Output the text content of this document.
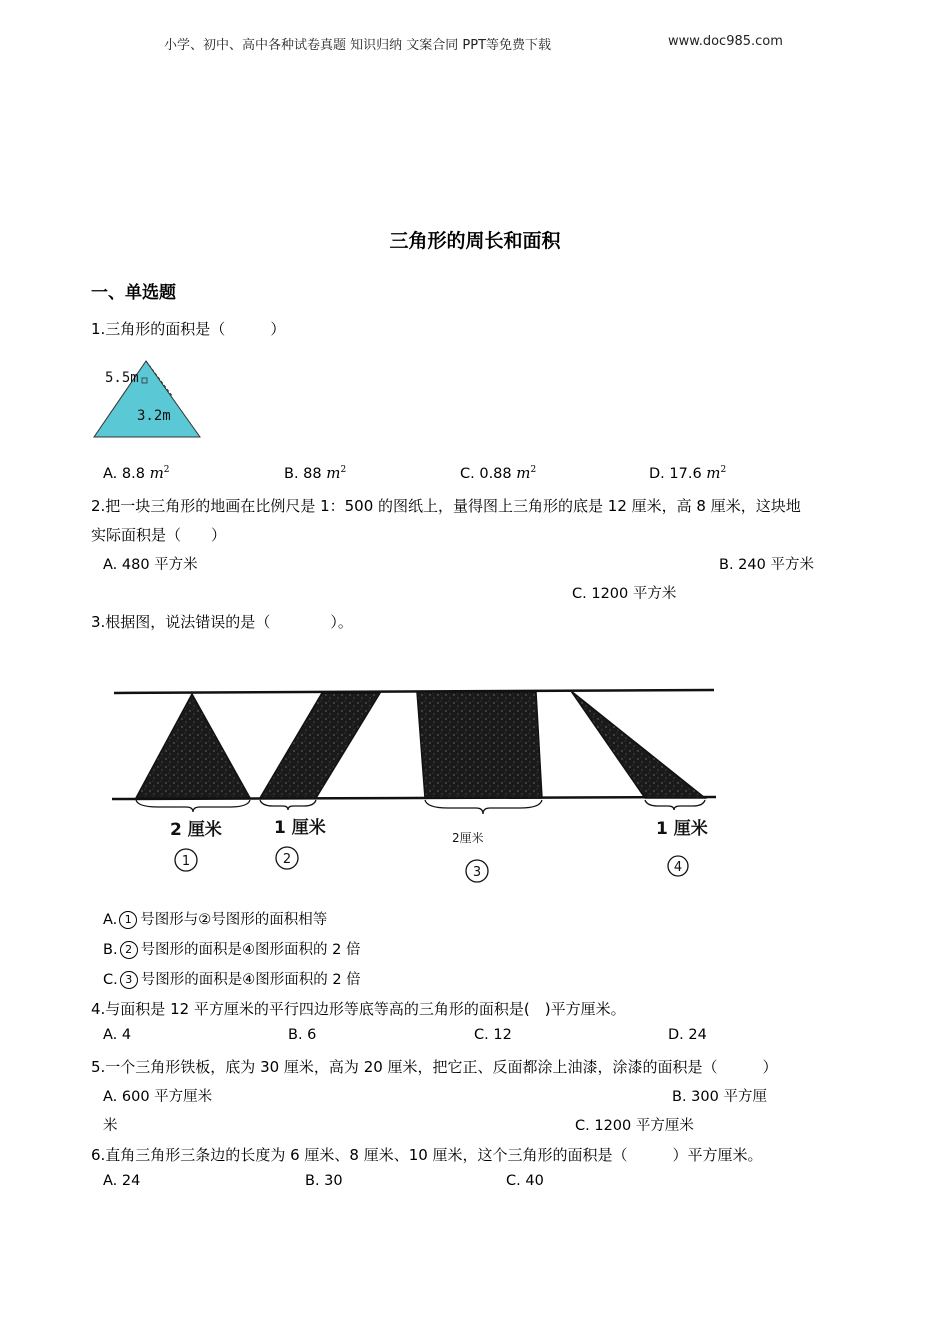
小学、初中、高中各种试卷真题 知识归纳 文案合同 PPT等免费下载	www.doc985.com
三角形的周长和面积
一、单选题
1.三角形的面积是（　　　）
5.5m
3.2m
A. 8.8 $m^2$	B. 88 $m^2$	C. 0.88 $m^2$	D. 17.6 $m^2$
2.把一块三角形的地画在比例尺是 1：500 的图纸上，量得图上三角形的底是 12 厘米，高 8 厘米，这块地
实际面积是（　　）
A. 480 平方米	B. 240 平方米
C. 1200 平方米
3.根据图，说法错误的是（　　　　）。
2 厘米	1 厘米	2厘米	1 厘米
1	2
3	4
A. 1 号图形与②号图形的面积相等
B. 2 号图形的面积是④图形面积的 2 倍
C. 3 号图形的面积是④图形面积的 2 倍
4.与面积是 12 平方厘米的平行四边形等底等高的三角形的面积是(　)平方厘米。
A. 4	B. 6	C. 12	D. 24
5.一个三角形铁板，底为 30 厘米，高为 20 厘米，把它正、反面都涂上油漆，涂漆的面积是（　　　）
A. 600 平方厘米	B. 300 平方厘
米	C. 1200 平方厘米
6.直角三角形三条边的长度为 6 厘米、8 厘米、10 厘米，这个三角形的面积是（　　　）平方厘米。
A. 24	B. 30	C. 40
